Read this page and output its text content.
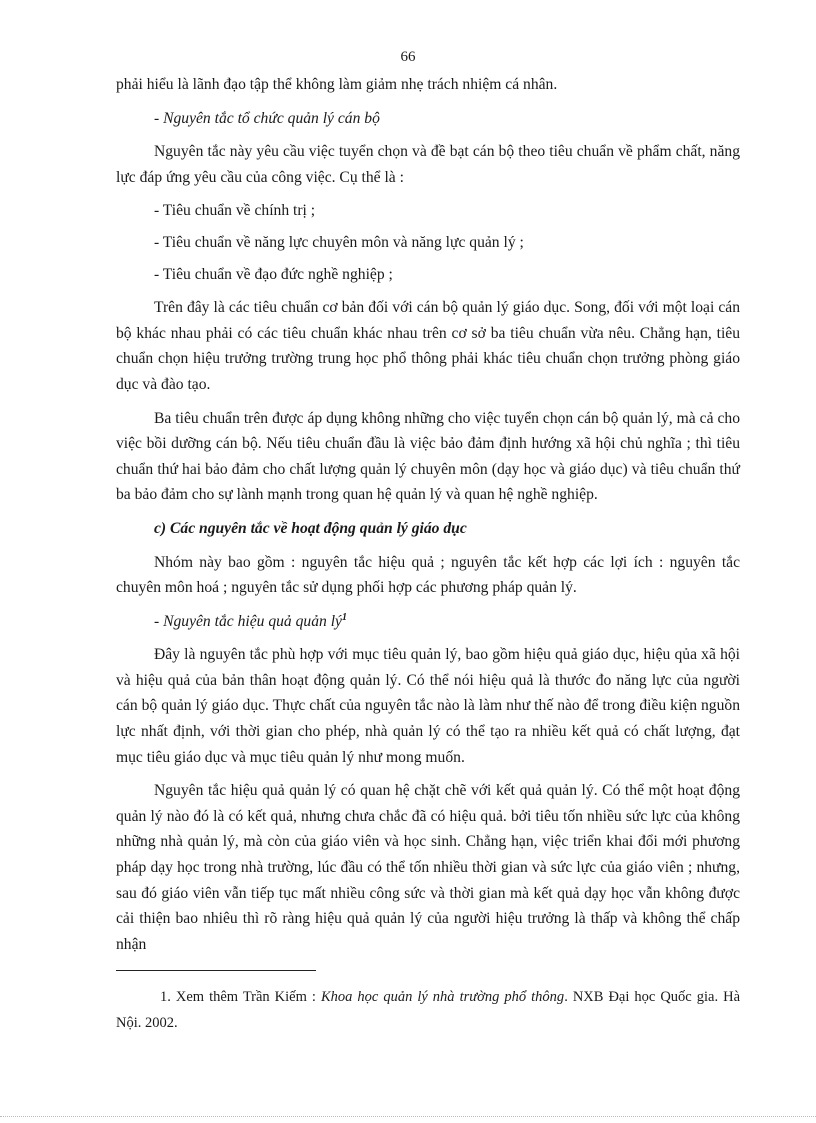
66

phải hiểu là lãnh đạo tập thể không làm giảm nhẹ trách nhiệm cá nhân.

- Nguyên tắc tổ chức quản lý cán bộ

Nguyên tắc này yêu cầu việc tuyển chọn và đề bạt cán bộ theo tiêu chuẩn về phẩm chất, năng lực đáp ứng yêu cầu của công việc. Cụ thể là :

- Tiêu chuẩn về chính trị ;

- Tiêu chuẩn về năng lực chuyên môn và năng lực quản lý ;

- Tiêu chuẩn về đạo đức nghề nghiệp ;

Trên đây là các tiêu chuẩn cơ bản đối với cán bộ quản lý giáo dục. Song, đối với một loại cán bộ khác nhau phải có các tiêu chuẩn khác nhau trên cơ sở ba tiêu chuẩn vừa nêu. Chẳng hạn, tiêu chuẩn chọn hiệu trưởng trường trung học phổ thông phải khác tiêu chuẩn chọn trưởng phòng giáo dục và đào tạo.

Ba tiêu chuẩn trên được áp dụng không những cho việc tuyển chọn cán bộ quản lý, mà cả cho việc bồi dưỡng cán bộ. Nếu tiêu chuẩn đầu là việc bảo đảm định hướng xã hội chủ nghĩa ; thì tiêu chuẩn thứ hai bảo đảm cho chất lượng quản lý chuyên môn (dạy học và giáo dục) và tiêu chuẩn thứ ba bảo đảm cho sự lành mạnh trong quan hệ quản lý và quan hệ nghề nghiệp.

c) Các nguyên tắc về hoạt động quản lý giáo dục

Nhóm này bao gồm : nguyên tắc hiệu quả ; nguyên tắc kết hợp các lợi ích : nguyên tắc chuyên môn hoá ; nguyên tắc sử dụng phối hợp các phương pháp quản lý.

- Nguyên tắc hiệu quả quản $lý^1$

Đây là nguyên tắc phù hợp với mục tiêu quản lý, bao gồm hiệu quả giáo dục, hiệu qủa xã hội và hiệu quả của bản thân hoạt động quản lý. Có thể nói hiệu quả là thước đo năng lực của người cán bộ quản lý giáo dục. Thực chất của nguyên tắc nào là làm như thế nào để trong điều kiện nguồn lực nhất định, với thời gian cho phép, nhà quản lý có thể tạo ra nhiều kết quả có chất lượng, đạt mục tiêu giáo dục và mục tiêu quản lý như mong muốn.

Nguyên tắc hiệu quả quản lý có quan hệ chặt chẽ với kết quả quản lý. Có thể một hoạt động quản lý nào đó là có kết quả, nhưng chưa chắc đã có hiệu quả. bởi tiêu tốn nhiều sức lực của không những nhà quản lý, mà còn của giáo viên và học sinh. Chẳng hạn, việc triển khai đổi mới phương pháp dạy học trong nhà trường, lúc đầu có thể tốn nhiều thời gian và sức lực của giáo viên ; nhưng, sau đó giáo viên vẫn tiếp tục mất nhiều công sức và thời gian mà kết quả dạy học vẫn không được cải thiện bao nhiêu thì rõ ràng hiệu quả quản lý của người hiệu trưởng là thấp và không thể chấp nhận

1. Xem thêm Trần Kiếm : Khoa học quản lý nhà trường phổ thông. NXB Đại học Quốc gia. Hà Nội. 2002.
